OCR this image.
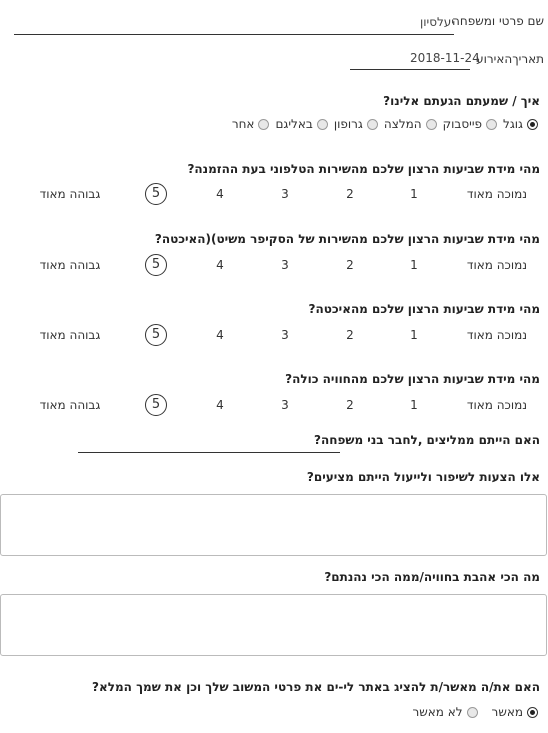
שם פרטי ומשפחה
יעלסיון
תאריךהאירוע
2018-11-24
איך / שמעתם הגעתם אלינו?
גוגל
פייסבוק
המלצה
גרופון
באליגם
אחר
מהי מידת שביעות הרצון שלכם מהשירות הטלפוני בעת ההזמנה?
נמוכה מאוד
1
2
3
4
5
גבוהה מאוד
מהי מידת שביעות הרצון שלכם מהשירות של הסקיפר משיט)(האיכטה?
נמוכה מאוד
1
2
3
4
5
גבוהה מאוד
מהי מידת שביעות הרצון שלכם מהאיכטה?
נמוכה מאוד
1
2
3
4
5
גבוהה מאוד
מהי מידת שביעות הרצון שלכם מהחוויה כולה?
נמוכה מאוד
1
2
3
4
5
גבוהה מאוד
האם הייתם ממליצים ,לחבר בני משפחה?
אלו הצעות לשיפור ולייעול הייתם מציעים?
מה הכי אהבת בחוויה/ממה הכי נהנתם?
האם את/ה מאשר/ת להציג באתר לי-ים את פרטי המשוב שלך וכן את שמך המלא?
מאשר
לא מאשר
